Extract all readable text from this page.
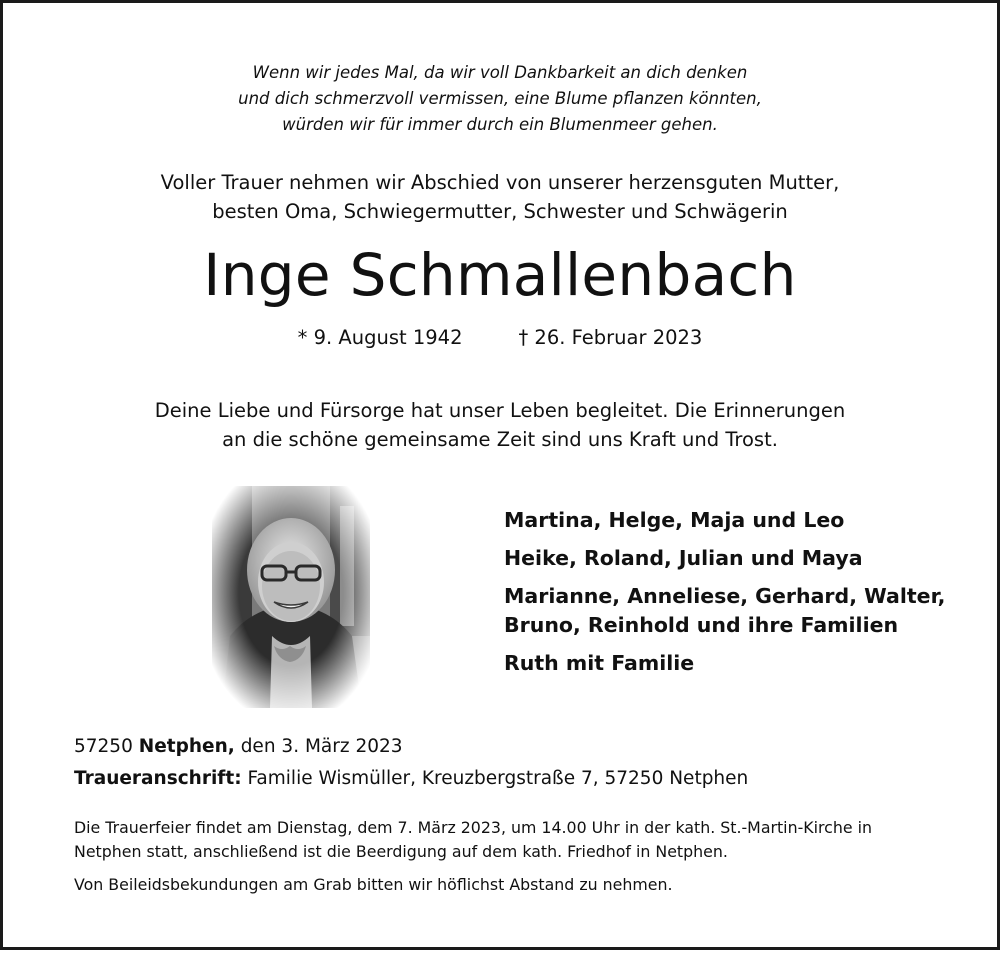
Wenn wir jedes Mal, da wir voll Dankbarkeit an dich denken
und dich schmerzvoll vermissen, eine Blume pflanzen könnten,
würden wir für immer durch ein Blumenmeer gehen.
Voller Trauer nehmen wir Abschied von unserer herzensguten Mutter,
besten Oma, Schwiegermutter, Schwester und Schwägerin
Inge Schmallenbach
* 9. August 1942	† 26. Februar 2023
Deine Liebe und Fürsorge hat unser Leben begleitet. Die Erinnerungen
an die schöne gemeinsame Zeit sind uns Kraft und Trost.
Martina, Helge, Maja und Leo
Heike, Roland, Julian und Maya
Marianne, Anneliese, Gerhard, Walter,
Bruno, Reinhold und ihre Familien
Ruth mit Familie
57250 Netphen, den 3. März 2023
Traueranschrift: Familie Wismüller, Kreuzbergstraße 7, 57250 Netphen
Die Trauerfeier findet am Dienstag, dem 7. März 2023, um 14.00 Uhr in der kath. St.-Martin-Kirche in
Netphen statt, anschließend ist die Beerdigung auf dem kath. Friedhof in Netphen.
Von Beileidsbekundungen am Grab bitten wir höflichst Abstand zu nehmen.
